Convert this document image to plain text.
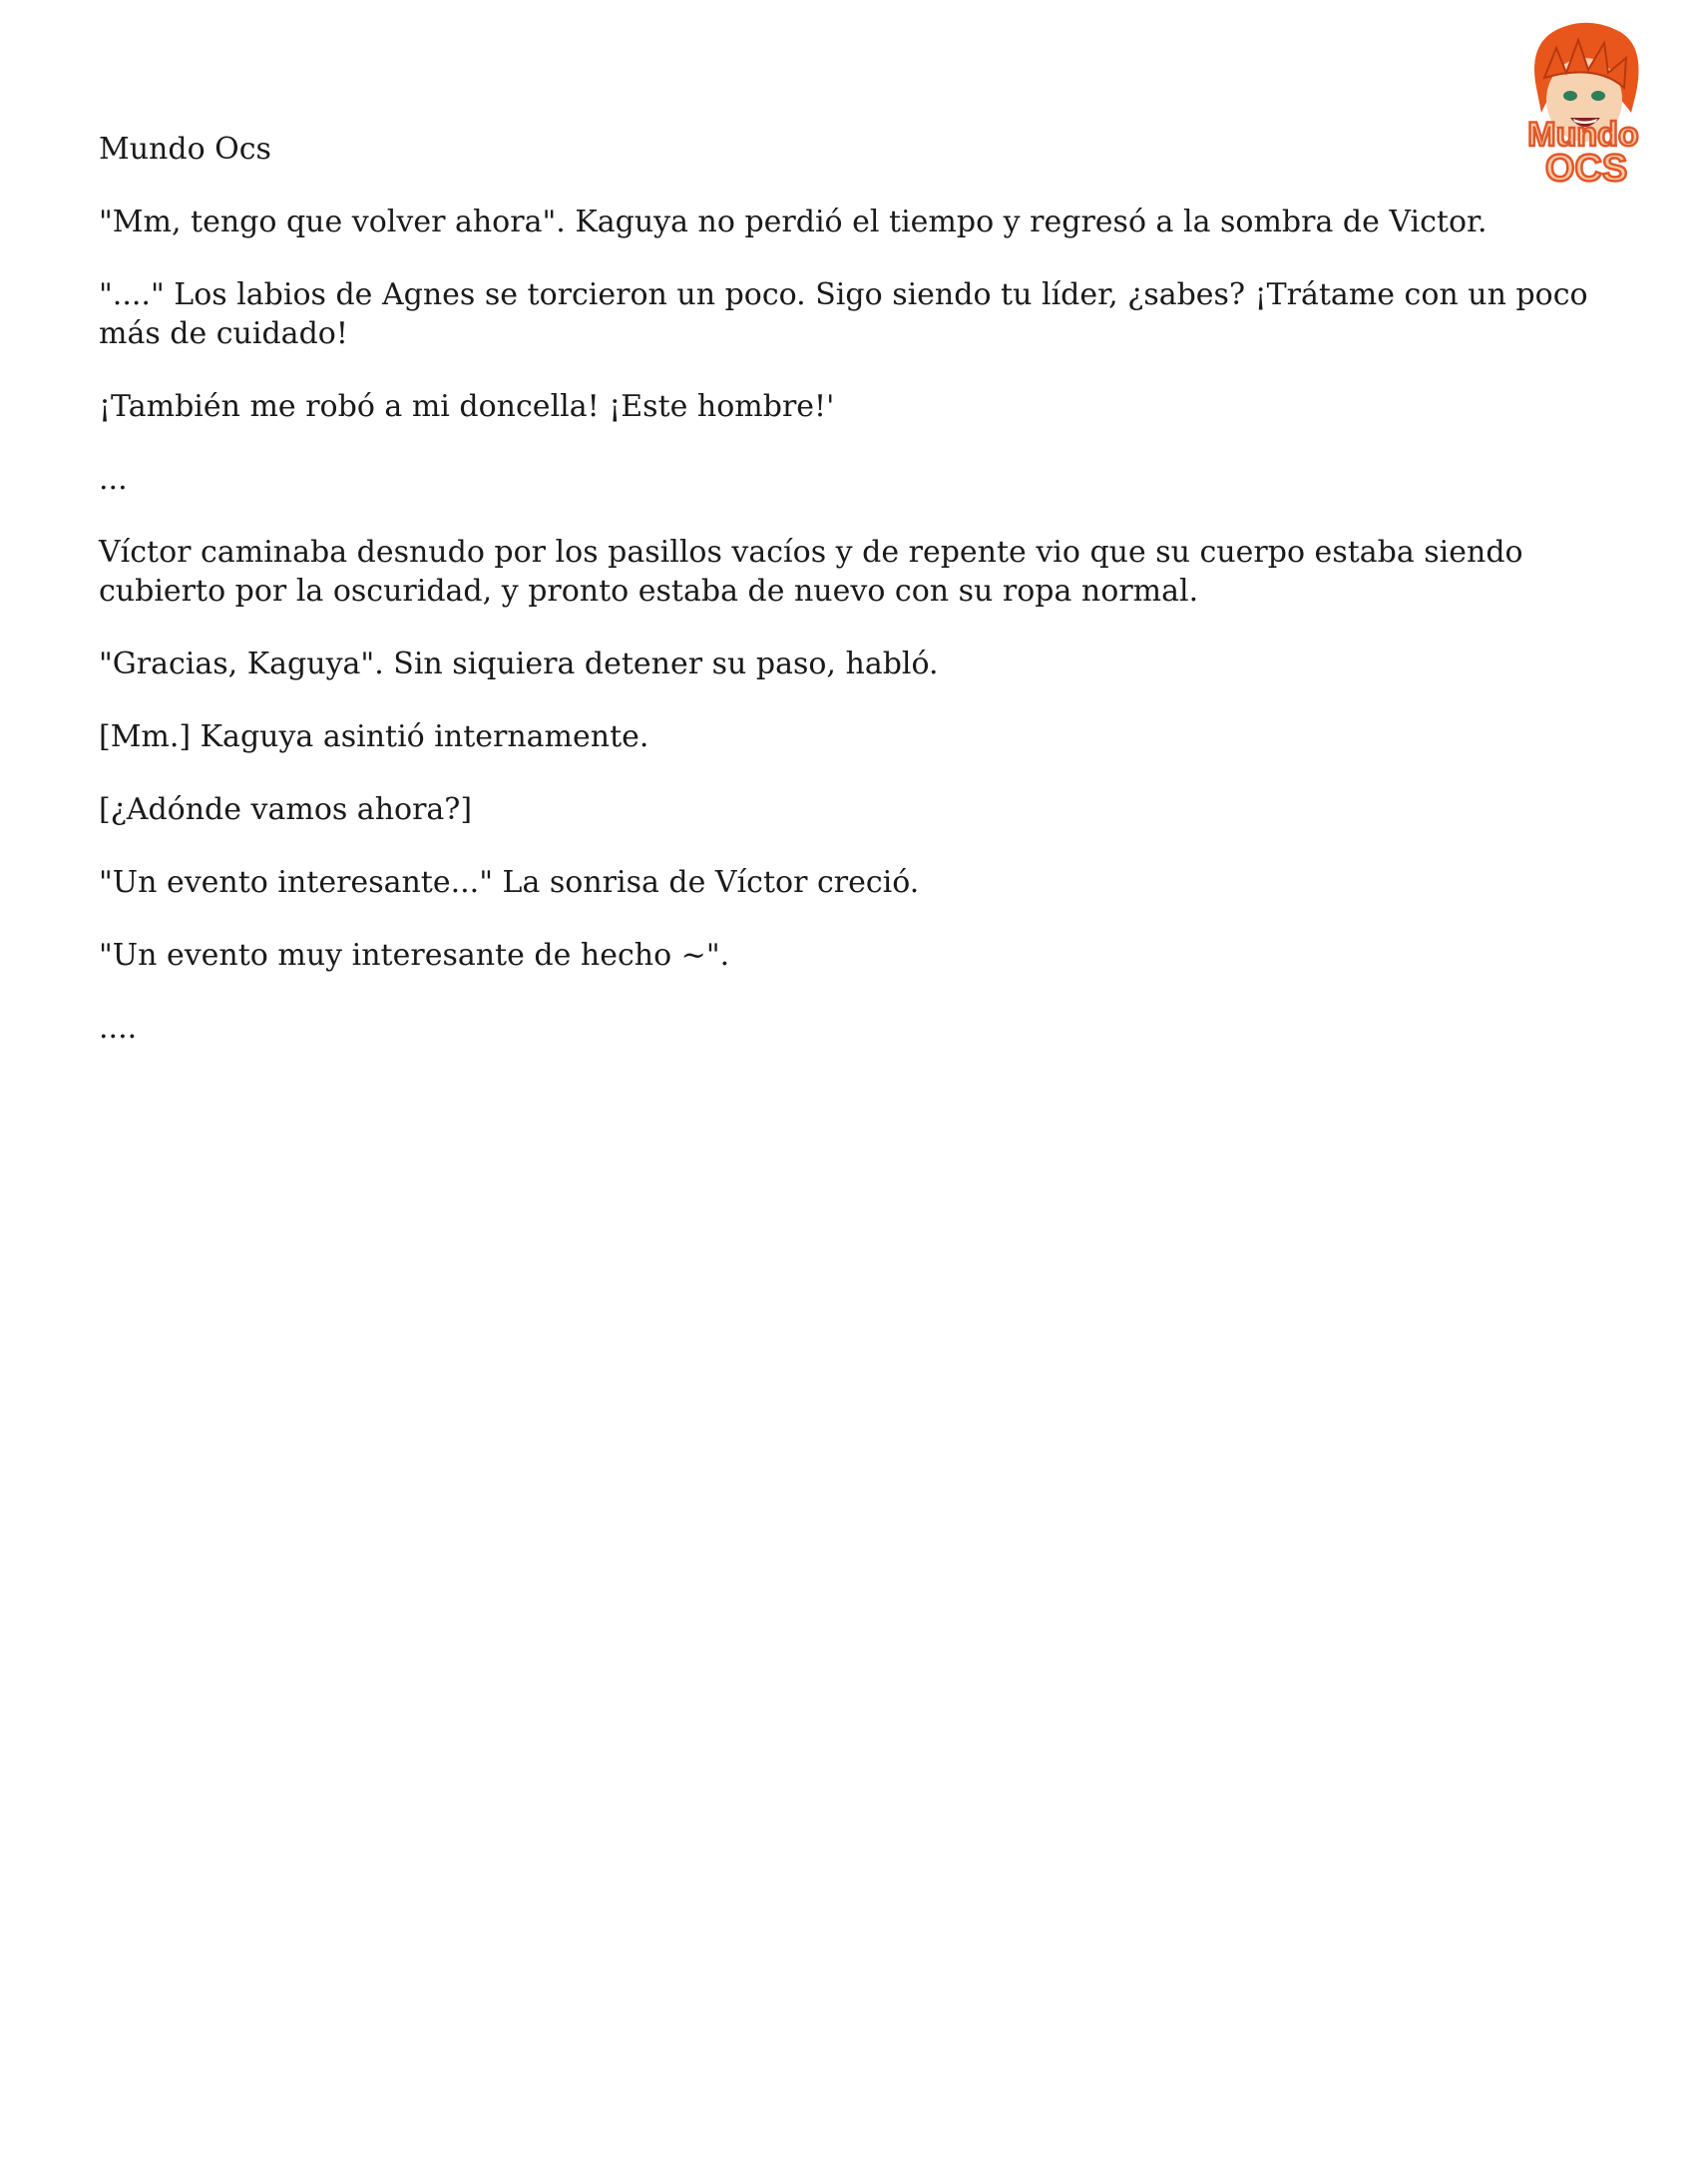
Mundo
OCS

Mundo Ocs

"Mm, tengo que volver ahora". Kaguya no perdió el tiempo y regresó a la sombra de Victor.

"...." Los labios de Agnes se torcieron un poco. Sigo siendo tu líder, ¿sabes? ¡Trátame con un poco más de cuidado!

¡También me robó a mi doncella! ¡Este hombre!'

...

Víctor caminaba desnudo por los pasillos vacíos y de repente vio que su cuerpo estaba siendo cubierto por la oscuridad, y pronto estaba de nuevo con su ropa normal.

"Gracias, Kaguya". Sin siquiera detener su paso, habló.

[Mm.] Kaguya asintió internamente.

[¿Adónde vamos ahora?]

"Un evento interesante..." La sonrisa de Víctor creció.

"Un evento muy interesante de hecho ~".

....
